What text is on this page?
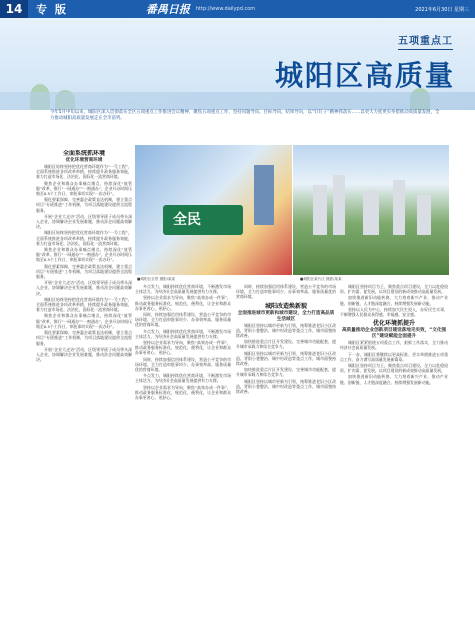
14	专 版	番禺日报 http://www.dailypd.com	2021年6月30日 星期三
五项重点工
城阳区高质量
今年5月中旬以来，城阳区深入贯彻落实全区五项重点工作推进会议精神，聚焦五项重点工作，坚持问题导向、目标导向、结果导向，以“钉钉子”精神抓落实……以更大力度更实举措推动高质量发展，全力推动城阳高质量发展走在全市前列。
全面系统抓环境
优化环境营商环境

城阳区始终坚持把优化营商环境作为“一号工程”，全面系统推进各项改革举措，持续提升政务服务效能，着力打造市场化、法治化、国际化一流营商环境。

聚焦企业和群众办事痛点堵点，持续深化“放管服”改革，推行“一网通办”“一窗通办”，企业开办时间压缩至0.5个工作日，审批事项实现“一次办好”。

强化要素保障，完善惠企政策直达机制，建立重点项目“专班推进”工作机制，为项目落地建设提供全流程服务。

开展“企业大走访”活动，区级领导班子成员带头深入企业，协调解决企业发展难题，推动涉企问题高效解决。

城阳区始终坚持把优化营商环境作为“一号工程”，全面系统推进各项改革举措，持续提升政务服务效能，着力打造市场化、法治化、国际化一流营商环境。

聚焦企业和群众办事痛点堵点，持续深化“放管服”改革，推行“一网通办”“一窗通办”，企业开办时间压缩至0.5个工作日，审批事项实现“一次办好”。

强化要素保障，完善惠企政策直达机制，建立重点项目“专班推进”工作机制，为项目落地建设提供全流程服务。

开展“企业大走访”活动，区级领导班子成员带头深入企业，协调解决企业发展难题，推动涉企问题高效解决。

城阳区始终坚持把优化营商环境作为“一号工程”，全面系统推进各项改革举措，持续提升政务服务效能，着力打造市场化、法治化、国际化一流营商环境。

聚焦企业和群众办事痛点堵点，持续深化“放管服”改革，推行“一网通办”“一窗通办”，企业开办时间压缩至0.5个工作日，审批事项实现“一次办好”。

强化要素保障，完善惠企政策直达机制，建立重点项目“专班推进”工作机制，为项目落地建设提供全流程服务。

开展“企业大走访”活动，区级领导班子成员带头深入企业，协调解决企业发展难题，推动涉企问题高效解决。

全民
■城阳区全景 摄影/某某	■城阳区某片区 摄影/某某

多点发力，城阳持续优化营商环境，不断激发市场主体活力，为经济社会高质量发展提供有力支撑。

坚持以企业需求为导向，聚焦“高效办成一件事”，推动政务服务标准化、规范化、便利化，让企业和群众办事更省心、更舒心。

同时，持续加强信用体系建设，营造公平竞争的市场环境，全力打造审批事项少、办事效率高、服务质量优的营商环境。

多点发力，城阳持续优化营商环境，不断激发市场主体活力，为经济社会高质量发展提供有力支撑。

坚持以企业需求为导向，聚焦“高效办成一件事”，推动政务服务标准化、规范化、便利化，让企业和群众办事更省心、更舒心。

同时，持续加强信用体系建设，营造公平竞争的市场环境，全力打造审批事项少、办事效率高、服务质量优的营商环境。

多点发力，城阳持续优化营商环境，不断激发市场主体活力，为经济社会高质量发展提供有力支撑。

坚持以企业需求为导向，聚焦“高效办成一件事”，推动政务服务标准化、规范化、便利化，让企业和群众办事更省心、更舒心。

同时，持续加强信用体系建设，营造公平竞争的市场环境，全力打造审批事项少、办事效率高、服务质量优的营商环境。

城阳改造焕新貌
全面推进城市更新和城市建设，全力打造高品质生活城区

城阳区坚持以城市更新为引领，统筹推进老旧小区改造、背街小巷整治、城中村改造等重点工作，城市面貌持续改善。

加快推进重点片区开发建设，完善城市功能配套，提升城市承载力和综合竞争力。

城阳区坚持以城市更新为引领，统筹推进老旧小区改造、背街小巷整治、城中村改造等重点工作，城市面貌持续改善。

加快推进重点片区开发建设，完善城市功能配套，提升城市承载力和综合竞争力。

城阳区坚持以城市更新为引领，统筹推进老旧小区改造、背街小巷整治、城中村改造等重点工作，城市面貌持续改善。

城阳区坚持项目为王，聚焦重点项目建设，全力以赴稳投资、扩内需、促发展，以项目建设的新成效推动高质量发展。

加快推进新旧动能转换，大力培育新兴产业，推动产业链、创新链、人才链深度融合，持续增强发展新动能。

坚持以人民为中心，持续加大民生投入，办好民生实事，不断增强人民群众获得感、幸福感、安全感。

优化环境抓提升
高质量推动企业创新项目建设落地见实效，“文化强区”建设赋能全面提升

城阳区紧紧围绕五项重点工作，狠抓工作落实，全力推动经济社会高质量发展。

下一步，城阳区将继续以更高标准、更实举措推进五项重点工作，奋力谱写高质量发展新篇章。

城阳区坚持项目为王，聚焦重点项目建设，全力以赴稳投资、扩内需、促发展，以项目建设的新成效推动高质量发展。

加快推进新旧动能转换，大力培育新兴产业，推动产业链、创新链、人才链深度融合，持续增强发展新动能。
